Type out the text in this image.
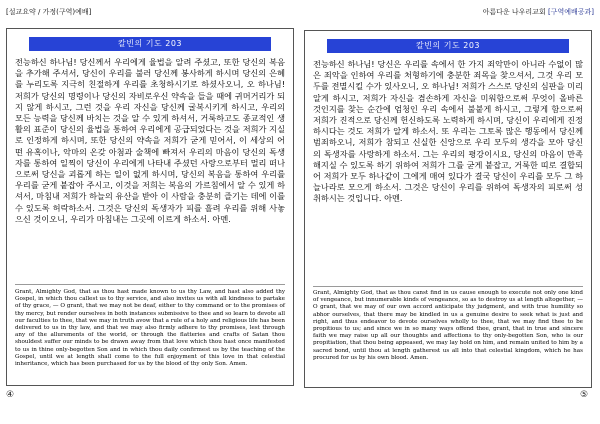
[설교요약 / 가정(구역)예배]
칼빈의 기도 203
전능하신 하나님! 당신께서 우리에게 율법을 알려 주셨고, 또한 당신의 복음을 추가해 주셔서, 당신이 우리를 불러 당신께 봉사하게 하시며 당신의 은혜를 누리도록 지극히 친절하게 우리를 초청하시기로 하셨사오니, 오 하나님! 저희가 당신의 명령이나 당신의 자비로우신 약속을 들을 때에 귀머거리가 되지 않게 하시고, 그런 것을 우리 자신을 당신께 굴복시키게 하시고, 우리의 모든 능력을 당신께 바치는 것을 알 수 있게 하셔서, 거룩하고도 종교적인 생활의 표준이 당신의 율법을 통하여 우리에게 공급되었다는 것을 저희가 지실로 인정하게 하시며, 또한 당신의 약속을 저희가 굳게 믿어서, 이 세상의 어떤 유혹이나, 악마의 온갖 아첨과 술책에 빠져서 우리의 마음이 당신의 독생자를 통하여 일찍이 당신이 우리에게 나타내 주셨던 사랑으로부터 멀리 떠나으로써 당신을 괴롭게 하는 일이 없게 하시며, 당신의 복음을 통하여 우리를 우리를 굳게 붙잡아 주시고, 이것을 저희는 복음의 가르침에서 알 수 있게 하셔서, 마침내 저희가 하늘의 유산을 받아 이 사람을 충분히 즐기는 데에 이를 수 있도록 허락하소서. 그것은 당신의 독생자가 피를 흘려 우리를 위해 사놓으신 것이오니, 우리가 마침내는 그곳에 이르게 하소서. 아멘.
Grant, Almighty God, that as thou hast made known to us thy Law, and hast also added thy Gospel, in which thou callest us to thy service, and also invites us with all kindness to partake of thy grace, — O grant, that we may not be deaf, either to thy command or to the promises of thy mercy, but render ourselves in both instances submissive to thee and so learn to devote all our faculties to thee, that we may in truth avow that a rule of a holy and religious life has been delivered to us in thy law, and that we may also firmly adhere to thy promises, lest through any of the allurements of the world, or through the flatteries and crafts of Satan thou shouldest suffer our minds to be drawn away from that love which thou hast once manifested to us in thine only-begotten Son and in which thou daily confirmest us by the teaching of the Gospel, until we at length shall come to the full enjoyment of this love in that celestial inheritance, which has been purchased for us by the blood of thy only Son. Amen.
④
아름다운 나우리교회 [구역예배공과]
칼빈의 기도 203
전능하신 하나님! 당신은 우리를 속에서 한 가지 죄악만이 아니라 수없이 많은 죄악을 인하여 우리를 처형하기에 충분한 죄목을 찾으셔서, 그것 우리 모두를 전멸시킬 수가 있사오니, 오 하나님! 저희가 스스로 당신의 심판을 미리 알게 하시고, 저희가 자신을 겸손하게 자신을 미워함으로써 무엇이 올바른 것인지를 찾는 순간에 엄청인 우리 속에서 불붙게 하시고, 그렇게 함으로써 저희가 진적으로 당신께 헌신하도록 노력하게 하시며, 당신이 우리에게 진정하시다는 것도 저희가 알게 하소서. 또 우리는 그토록 많은 행동에서 당신께 범죄하오니, 저희가 참되고 신실한 신앙으로 우리 모두의 생각을 모아 당신의 독생자를 사랑하게 하소서. 그는 우리의 평강이시요, 당신의 마음이 만족해지실 수 있도록 하기 위하여 저희가 그를 굳게 붙잡고, 거룩한 띠로 결합되어 저희가 모두 하나같이 그에게 매여 있다가 결국 당신이 우리를 모두 그 하늘나라로 모으게 하소서. 그것은 당신이 우리를 위하여 독생자의 피로써 성취하시는 것입니다. 아멘.
Grant, Almighty God, that as thou canst find in us cause enough to execute not only one kind of vengeance, but innumerable kinds of vengeance, so as to destroy us at length altogether, — O grant, that we may of our own accord anticipate thy judgment, and with true humility so abhor ourselves, that there may be kindled in us a genuine desire to seek what is just and right, and thus endeavor to devote ourselves wholly to thee, that we may find thee to be propitious to us; and since we in so many ways offend thee, grant, that in true and sincere faith we may raise up all our thoughts and affections to thy only-begotten Son, who is our propitiation, that thou being appeased, we may lay hold on him, and remain united to him by a sacred bond, until thou at length gatherest us all into that celestial kingdom, which he has procured for us by his own blood. Amen.
⑤
